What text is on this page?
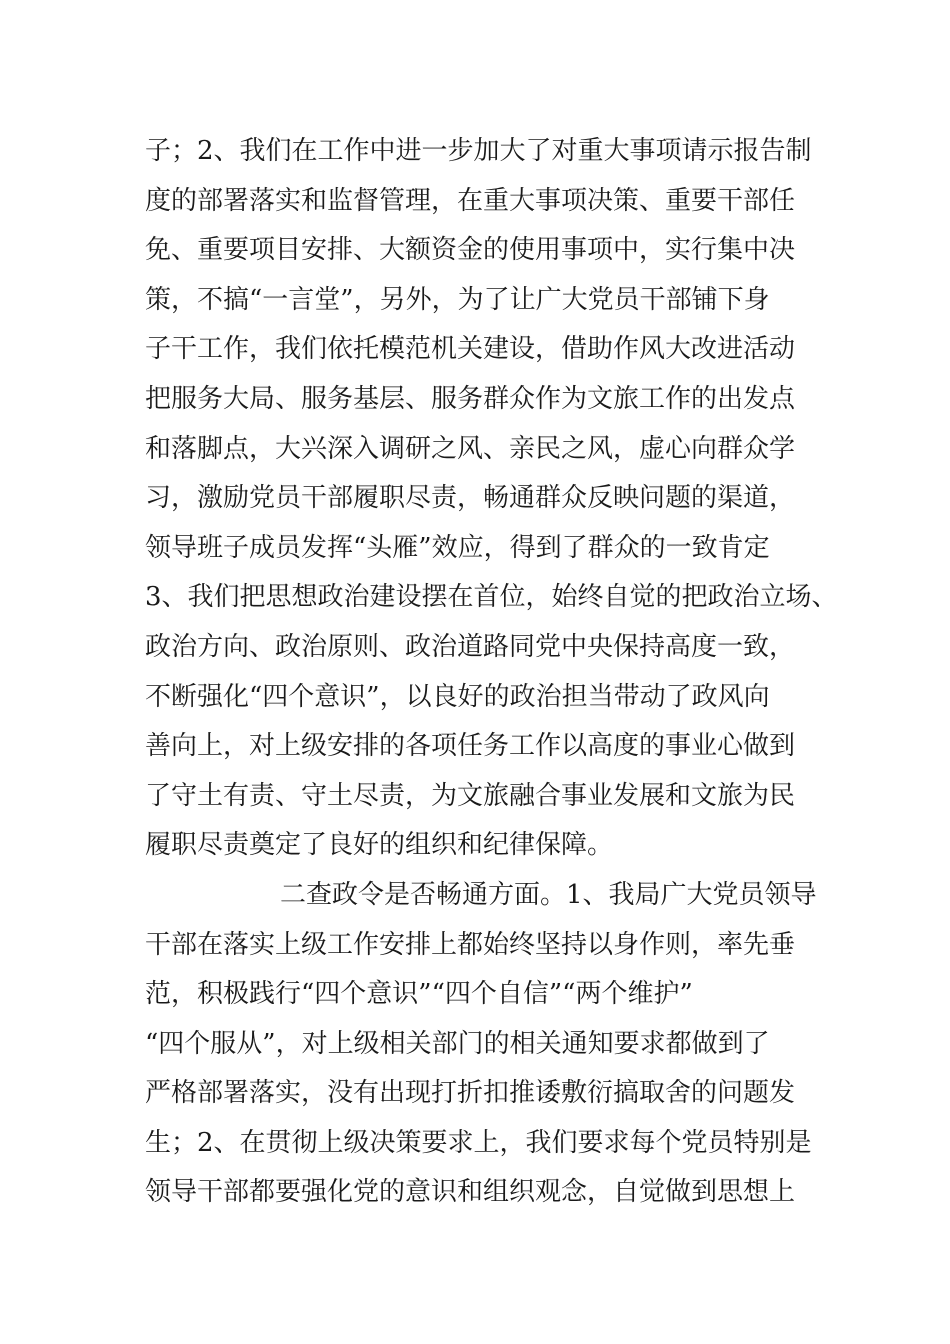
子；2、我们在工作中进一步加大了对重大事项请示报告制
度的部署落实和监督管理，在重大事项决策、重要干部任
免、重要项目安排、大额资金的使用事项中，实行集中决
策，不搞“一言堂”，另外，为了让广大党员干部铺下身
子干工作，我们依托模范机关建设，借助作风大改进活动
把服务大局、服务基层、服务群众作为文旅工作的出发点
和落脚点，大兴深入调研之风、亲民之风，虚心向群众学
习，激励党员干部履职尽责，畅通群众反映问题的渠道，
领导班子成员发挥“头雁”效应，得到了群众的一致肯定
3、我们把思想政治建设摆在首位，始终自觉的把政治立场、
政治方向、政治原则、政治道路同党中央保持高度一致，
不断强化“四个意识”，以良好的政治担当带动了政风向
善向上，对上级安排的各项任务工作以高度的事业心做到
了守土有责、守土尽责，为文旅融合事业发展和文旅为民
履职尽责奠定了良好的组织和纪律保障。
二查政令是否畅通方面。1、我局广大党员领导
干部在落实上级工作安排上都始终坚持以身作则，率先垂
范，积极践行“四个意识”“四个自信”“两个维护”
“四个服从”，对上级相关部门的相关通知要求都做到了
严格部署落实，没有出现打折扣推诿敷衍搞取舍的问题发
生；2、在贯彻上级决策要求上，我们要求每个党员特别是
领导干部都要强化党的意识和组织观念，自觉做到思想上
